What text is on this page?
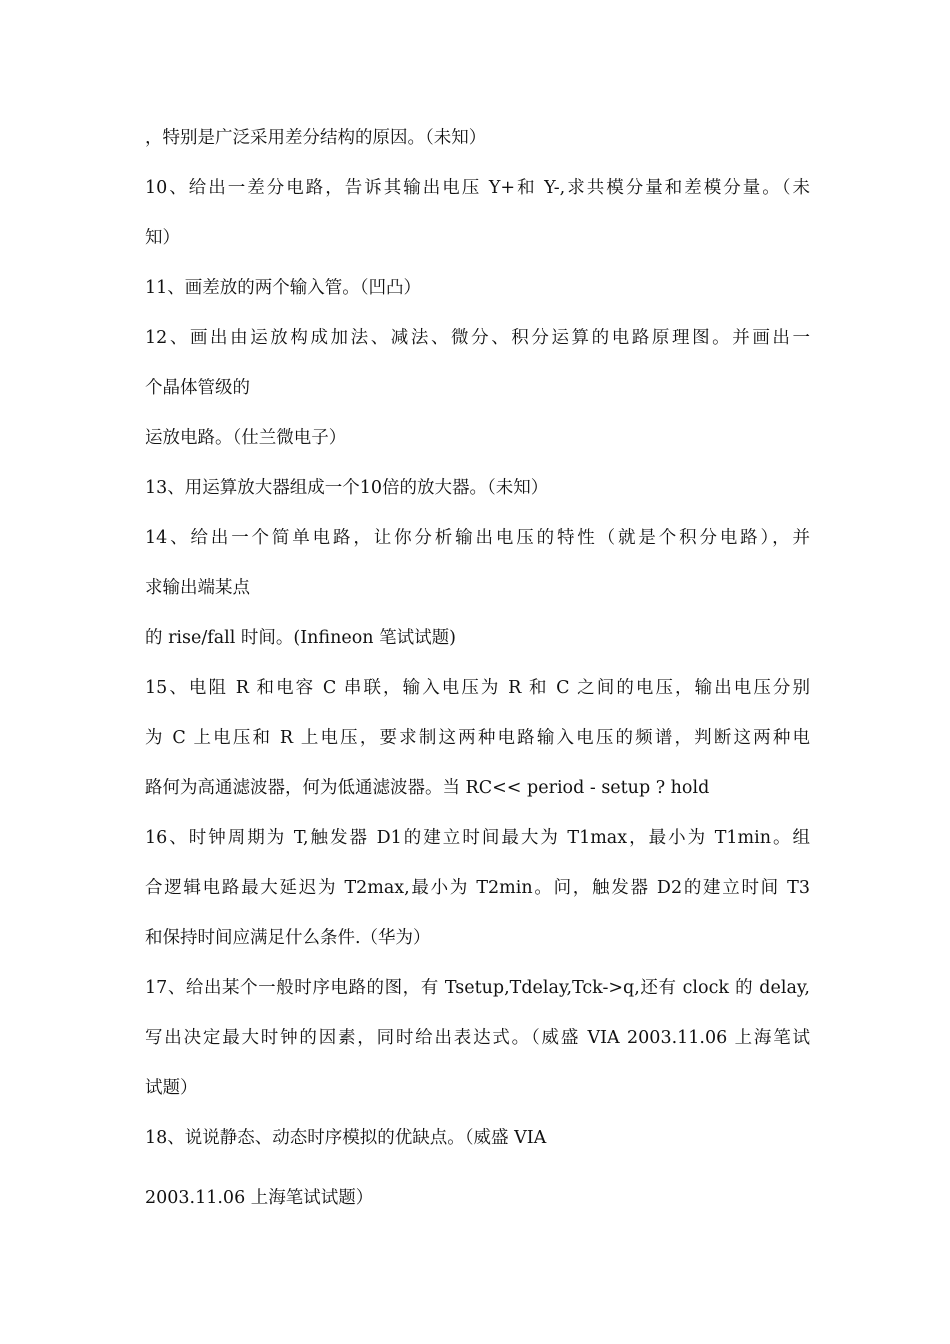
，特别是广泛采用差分结构的原因。（未知）
10、给出一差分电路，告诉其输出电压 Y+和 Y-,求共模分量和差模分量。（未
知）
11、画差放的两个输入管。（凹凸）
12、画出由运放构成加法、减法、微分、积分运算的电路原理图。并画出一
个晶体管级的
运放电路。（仕兰微电子）
13、用运算放大器组成一个10倍的放大器。（未知）
14、给出一个简单电路，让你分析输出电压的特性（就是个积分电路），并
求输出端某点
的 rise/fall 时间。(Infineon 笔试试题)
15、电阻 R 和电容 C 串联，输入电压为 R 和 C 之间的电压，输出电压分别
为 C 上电压和 R 上电压，要求制这两种电路输入电压的频谱，判断这两种电
路何为高通滤波器，何为低通滤波器。当 RC<< period - setup ? hold
16、时钟周期为 T,触发器 D1的建立时间最大为 T1max，最小为 T1min。组
合逻辑电路最大延迟为 T2max,最小为 T2min。问，触发器 D2的建立时间 T3
和保持时间应满足什么条件.（华为）
17、给出某个一般时序电路的图，有 Tsetup,Tdelay,Tck->q,还有 clock 的 delay,
写出决定最大时钟的因素，同时给出表达式。（威盛 VIA 2003.11.06 上海笔试
试题）
18、说说静态、动态时序模拟的优缺点。（威盛 VIA
2003.11.06 上海笔试试题）
